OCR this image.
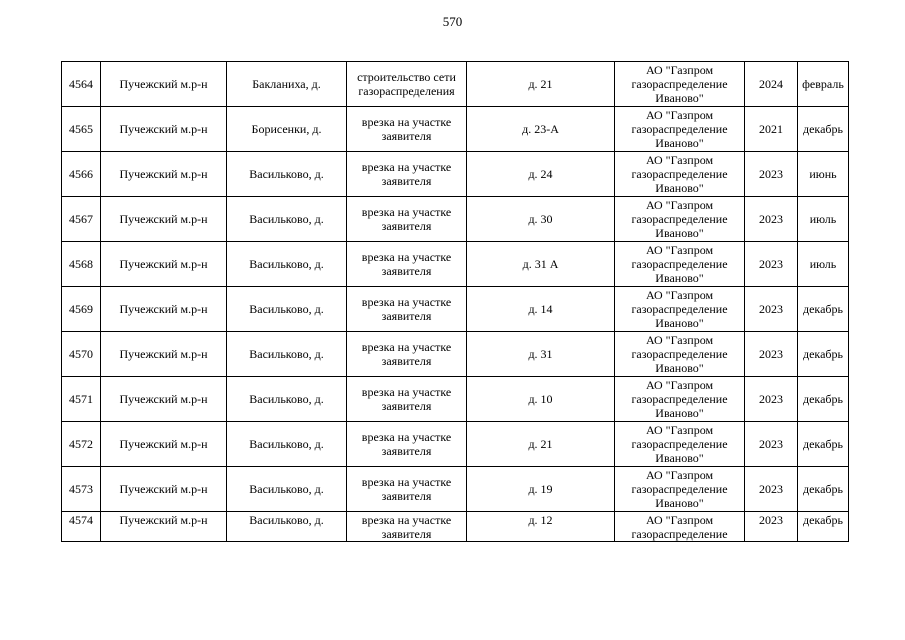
570
4564	Пучежский м.р-н	Бакланиха, д.	строительство сети газораспределения	д. 21	АО "Газпром газораспределение Иваново"	2024	февраль
4565	Пучежский м.р-н	Борисенки, д.	врезка на участке заявителя	д. 23-А	АО "Газпром газораспределение Иваново"	2021	декабрь
4566	Пучежский м.р-н	Васильково, д.	врезка на участке заявителя	д. 24	АО "Газпром газораспределение Иваново"	2023	июнь
4567	Пучежский м.р-н	Васильково, д.	врезка на участке заявителя	д. 30	АО "Газпром газораспределение Иваново"	2023	июль
4568	Пучежский м.р-н	Васильково, д.	врезка на участке заявителя	д. 31 А	АО "Газпром газораспределение Иваново"	2023	июль
4569	Пучежский м.р-н	Васильково, д.	врезка на участке заявителя	д. 14	АО "Газпром газораспределение Иваново"	2023	декабрь
4570	Пучежский м.р-н	Васильково, д.	врезка на участке заявителя	д. 31	АО "Газпром газораспределение Иваново"	2023	декабрь
4571	Пучежский м.р-н	Васильково, д.	врезка на участке заявителя	д. 10	АО "Газпром газораспределение Иваново"	2023	декабрь
4572	Пучежский м.р-н	Васильково, д.	врезка на участке заявителя	д. 21	АО "Газпром газораспределение Иваново"	2023	декабрь
4573	Пучежский м.р-н	Васильково, д.	врезка на участке заявителя	д. 19	АО "Газпром газораспределение Иваново"	2023	декабрь
4574	Пучежский м.р-н	Васильково, д.	врезка на участке заявителя	д. 12	АО "Газпром газораспределение	2023	декабрь
